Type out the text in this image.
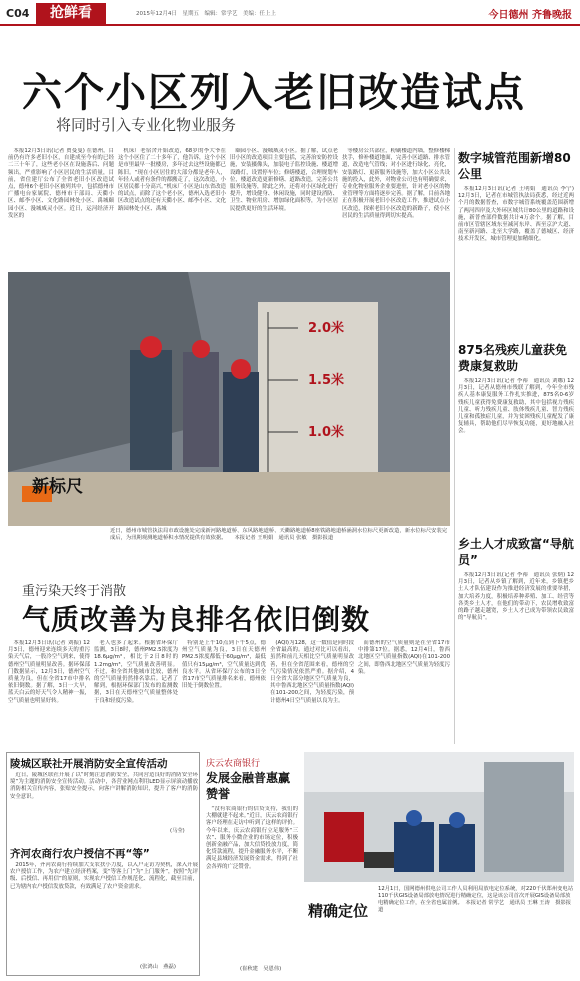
C04	抢鲜看	2015年12月4日　星期五　编辑：常学艺　美编：任上上	今日德州 齐鲁晚报
六个小区列入老旧改造试点
将同时引入专业化物业服务

本报12月3日讯(记者 贾曼曼) 在德州，目前仍有许多老旧小区，自建成至今有的已经二三十年了，这些老小区在设施落后、问题频出，严重影响了小区居民的生活质量，目前，省住建厅公布了全省老旧小区改造试点，德州6个老旧小区被列其中，包括德州市广播电台家属院、德州市干部局、天衢小区、邮李小区、文化路园林处小区、禹城颐园小区、漫城威灵小区。近日，运河经济开发区的

机床厂老宿舍开始改造，68岁的李大爷在这个小区住了二十多年了，他告诉，这个小区是市里最早一批楼房，多年过去这些设施都已陈旧。“现在小区居住的大部分都是老年人，年轻人或者有条件的都搬走了，这次改造，小区居民都十分高兴。”机床厂小区是山东省改造的试点，而除了这个老小区，德州入选老旧小区改造试点的还有天衢小区、邮李小区、文化路园林处小区、禹城

颐园小区、漫城威灵小区。据了解，试点老旧小区的改造项目主要包括，完善治安防控设施，安装摄像头，加装电子监控设施、楼道增设路灯，设置停车位；修缮楼道，合理规划车位，楼道改造更新修缮、道路改造，完善公共服务设施等，除此之外，还将对小区绿化进行提升，增设健身、休闲设施，同时建设消防、卫生、物业用房、增加绿化面积等，为小区居民提供更好的生活环境。

等楼房公共部位，粉刷楼道内墙，整修楼梯扶手，修补楼道地面，完善小区道路、排水管道，改造电气管线；对小区进行绿化、亮化，安装路灯、更新服务设施等，加大小区公共设施的投入，此外，对物业公司也有明确要求，专业化物业服务企业要进驻，针对老小区的物业管理等方面将逐步完善。据了解，目前各地正在积极开展老旧小区改造工作，推进试点小区改造，探索老旧小区改造的新路子，使小区居民的生活质量得到切实提高。

2.0米
1.5米
1.0米
新标尺
近日，德州市城管执法局市政设施处完成新河路地道桥、东风路地道桥、天衢路地道桥8座铁路地道桥涵洞水位标尺更新改造，新水位标尺安装完成后，为汛期观测地道桥积水情况提供有效依据。　　本报记者 王明娟　通讯员 张敏　摄影报道
重污染天终于消散
气质改善为良排名依旧倒数

本报12月3日讯(记者 刘振) 12月3日，德州迎来连续多天的重污染天气后，一股冷空气到来，使得德州空气质量明显改善。据环保部门数据显示，12月3日，德州空气质量为良，但在全省17市中排名依旧倒数。据了解，3日一大早，蓝天白云的好天气令人精神一振，空气质量也明显好转。

老人也多了起来。根据省环保厅监测，3日8时，德州PM2.5浓度为18.6μg/m³，相比于2日8时的1.2mg/m³，空气质量改善明显。不过，和全省其他城市比较，德州的空气质量仍然排名靠后。记者了解到，根据环保部门发布的监测数据，3日在天德州空气质量整体处于良和轻度污染。

特别是上午10点到下午5点，德州空气质量为良，3日在天德州PM2.5浓度都低于60μg/m³，最低值只有15μg/m³，空气质量达到优良水平。从省环保厅公布的3日全省17市空气质量排名来看，德州依旧处于倒数位置。

(AQI)为128，这一数值是同时段全省最高的。通过对比可以看出，虽然和前几天相比空气质量明显改善，但在全省范围来看，德州的空气污染情况依然严重。据介绍，4日全省大部分地区空气质量为良，其中鲁西北地区空气质量指数(AQI)在101-200之间，为轻度污染，预计德州4日空气质量以良为主。

而德州的空气质量则是在全省17市中排第17位。据悉，12月4日，鲁西北地区空气质量指数(AQI)在101-200之间，即鲁西北地区空气质量为轻度污染。

数字城管范围新增80公里

本报12月3日讯(记者 王明娟　通讯员 李宁) 12月3日，记者在市城管执法局获悉，经过近两个月的数据普查，市数字城管系统覆盖范围新增了两河四岸及大外环区域共计80公里的道路和设施，新普查部件数据共计4万余个。据了解，目前市区管辖区域东至减河东岸、西至京沪大道、南至新河路、北至大学路，覆盖了德城区、经济技术开发区，城市管理更加精细化。

875名残疾儿童获免费康复救助

本报12月3日讯(记者 李裕　通讯员 刘娜) 12月3日，记者从德州市残联了解到，今年全市残疾人基本康复服务工作扎实推进，875名0-6岁残疾儿童获得免费康复救助，其中包括视力残疾儿童、听力残疾儿童、肢体残疾儿童、智力残疾儿童和孤独症儿童，并为贫困残疾儿童配发了康复辅具，帮助他们尽早恢复功能，更好地融入社会。

乡土人才成致富“导航员”

本报12月3日讯(记者 李裕　通讯员 张炳) 12月3日，记者从乡镇了解到，近年来，乡镇把乡土人才队伍建设作为推进经济发展的重要举措，加大培养力度，积极培养种养殖、加工、经营等各类乡土人才，在他们的带动下，农民增收致富的路子越走越宽，乡土人才已成为带领农民致富的“导航员”。

陵城区联社开展消防安全宣传活动

近日，陵城区联社开展了以“时刻注意消防安全，共同营造良好的消防安全环境”为主题的消防安全宣传活动。活动中，各营业网点利用LED显示屏滚动播放消防相关宣传内容，张贴安全提示，向客户讲解消防知识，提升了客户的消防安全意识。

(马莹)
齐河农商行农户授信不再“等”

2015年，齐河农商行持续加大支农扶小力度，以入户走访为契机，深入开展农户授信工作，为农户建立经济档案，变“等客上门”为“上门服务”，按照“先评级、后授信、再用信”的原则，实现农户授信工作规范化、流程化，截至目前，已为辖内农户授信发放贷款，有效满足了农户资金需求。

(张鸿山　燕磊)
庆云农商银行
发展金融普惠赢赞誉

“没有农商银行的信贷支持，我们的大棚就建不起来。”近日，庆云农商银行客户经理在走访中听到了这样的评价。今年以来，庆云农商银行立足服务“三农”、服务小微企业的市场定位，积极创新金融产品，加大信贷投放力度，简化贷款流程，提升金融服务水平，不断满足县域经济发展资金需求，得到了社会各界的广泛赞誉。

(崔秋建　吴恩伟)
精确定位
12月1日，国网德州供电公司工作人员利用局放电定位系统，对220千伏郑州变电站110千伏GIS设备局部放电情况进行精确定位，这是该公司首次开展GIS设备局部放电精确定位工作，在全省也属首例。　本报记者 常学艺　通讯员 王琳 王涛　摄影报道
